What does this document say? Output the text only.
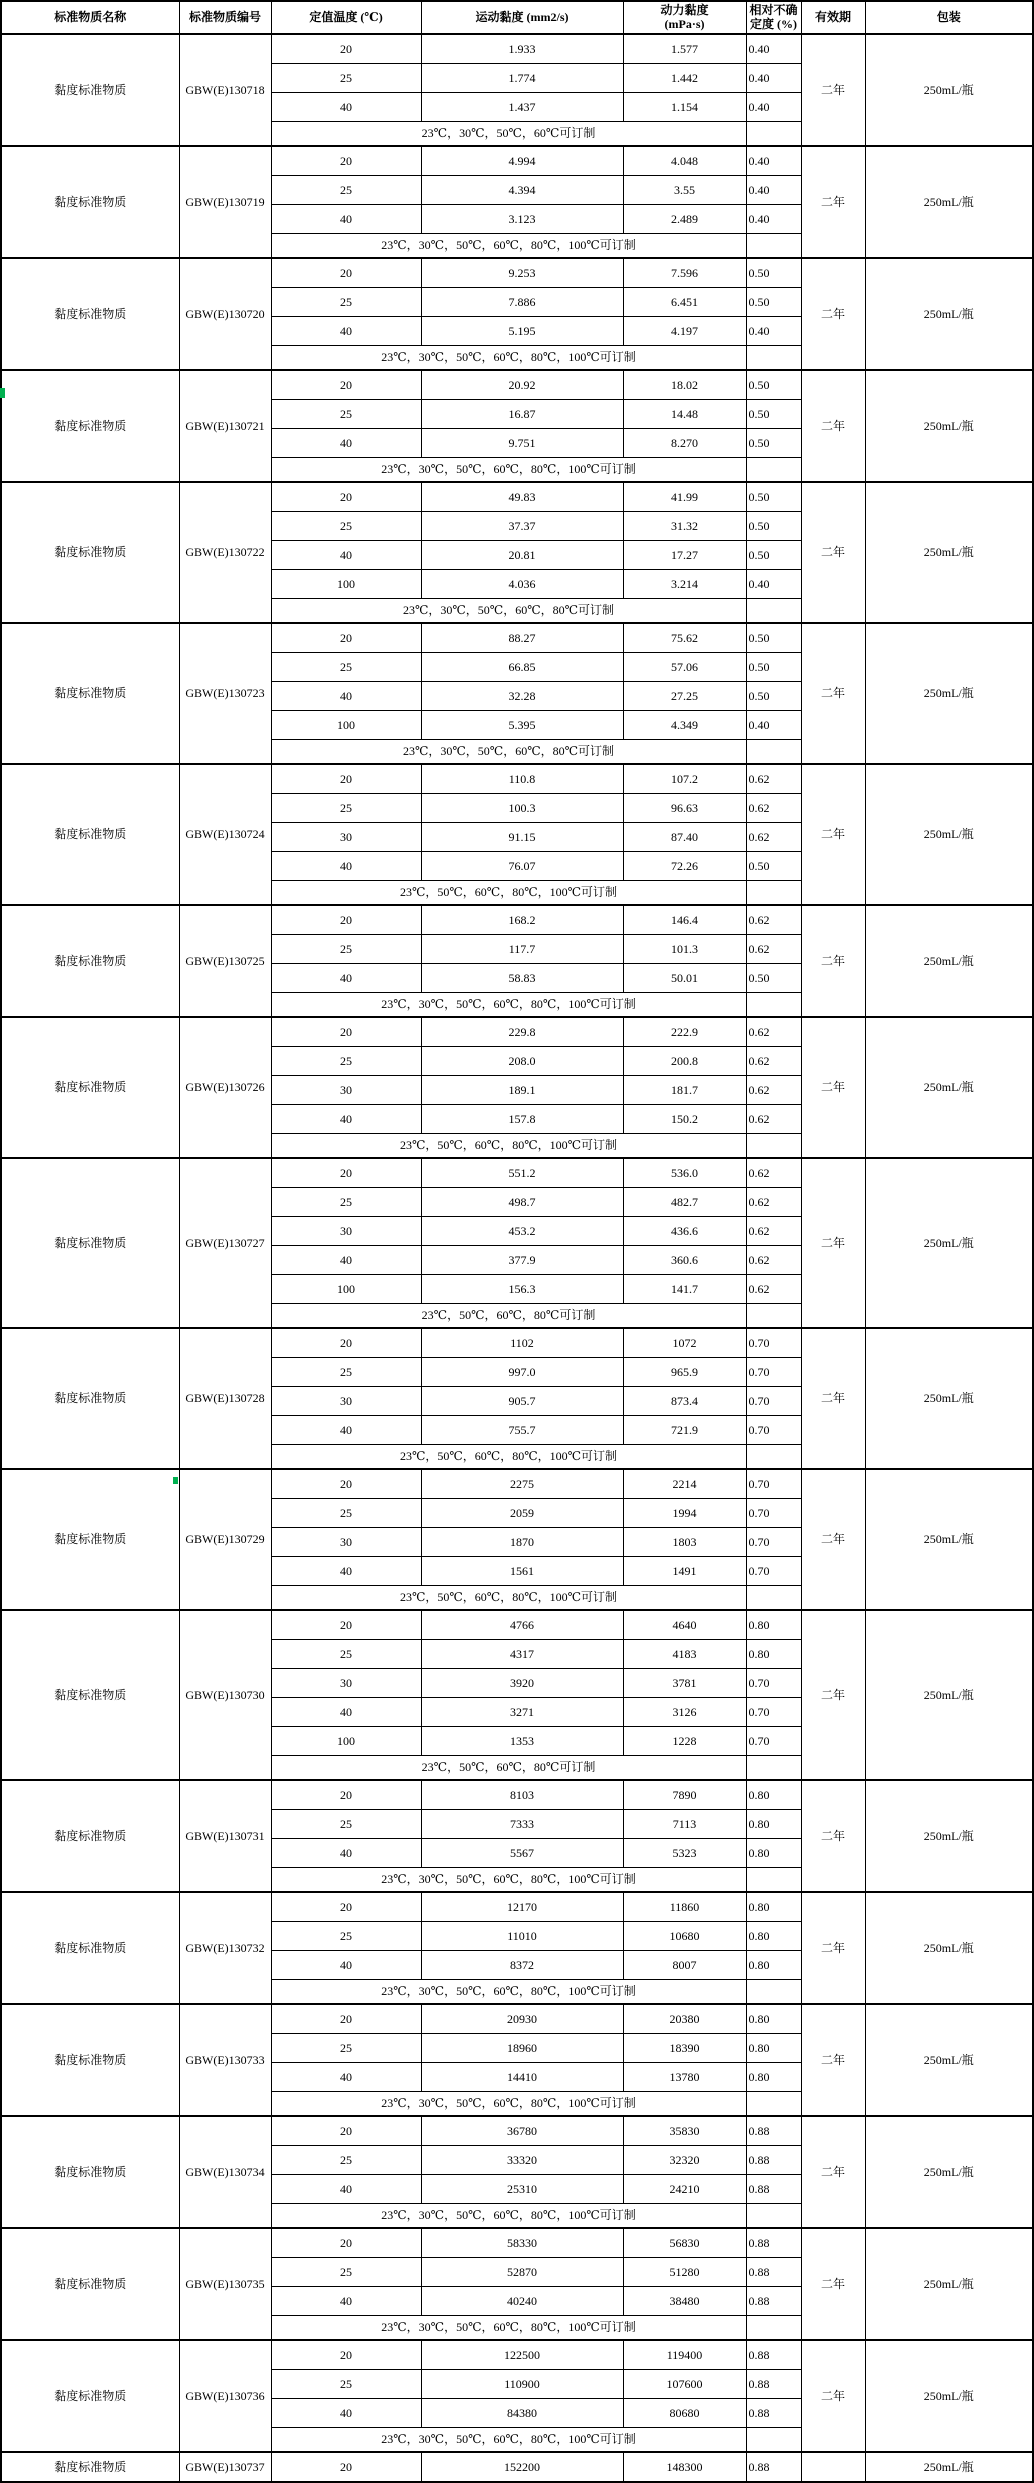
标准物质名称	标准物质编号	定值温度 (℃)	运动黏度 (mm2/s)	动力黏度 (mPa·s)	相对不确定度 (%)	有效期	包装
黏度标准物质	GBW(E)130718	20	1.933	1.577	0.40	二年	250mL/瓶
		25	1.774	1.442	0.40		
		40	1.437	1.154	0.40		
		23℃，30℃，50℃，60℃可订制					
黏度标准物质	GBW(E)130719	20	4.994	4.048	0.40	二年	250mL/瓶
		25	4.394	3.55	0.40		
		40	3.123	2.489	0.40		
		23℃，30℃，50℃，60℃，80℃，100℃可订制					
黏度标准物质	GBW(E)130720	20	9.253	7.596	0.50	二年	250mL/瓶
		25	7.886	6.451	0.50		
		40	5.195	4.197	0.40		
		23℃，30℃，50℃，60℃，80℃，100℃可订制					
黏度标准物质	GBW(E)130721	20	20.92	18.02	0.50	二年	250mL/瓶
		25	16.87	14.48	0.50		
		40	9.751	8.270	0.50		
		23℃，30℃，50℃，60℃，80℃，100℃可订制					
黏度标准物质	GBW(E)130722	20	49.83	41.99	0.50	二年	250mL/瓶
		25	37.37	31.32	0.50		
		40	20.81	17.27	0.50		
		100	4.036	3.214	0.40		
		23℃，30℃，50℃，60℃，80℃可订制					
黏度标准物质	GBW(E)130723	20	88.27	75.62	0.50	二年	250mL/瓶
		25	66.85	57.06	0.50		
		40	32.28	27.25	0.50		
		100	5.395	4.349	0.40		
		23℃，30℃，50℃，60℃，80℃可订制					
黏度标准物质	GBW(E)130724	20	110.8	107.2	0.62	二年	250mL/瓶
		25	100.3	96.63	0.62		
		30	91.15	87.40	0.62		
		40	76.07	72.26	0.50		
		23℃，50℃，60℃，80℃，100℃可订制					
黏度标准物质	GBW(E)130725	20	168.2	146.4	0.62	二年	250mL/瓶
		25	117.7	101.3	0.62		
		40	58.83	50.01	0.50		
		23℃，30℃，50℃，60℃，80℃，100℃可订制					
黏度标准物质	GBW(E)130726	20	229.8	222.9	0.62	二年	250mL/瓶
		25	208.0	200.8	0.62		
		30	189.1	181.7	0.62		
		40	157.8	150.2	0.62		
		23℃，50℃，60℃，80℃，100℃可订制					
黏度标准物质	GBW(E)130727	20	551.2	536.0	0.62	二年	250mL/瓶
		25	498.7	482.7	0.62		
		30	453.2	436.6	0.62		
		40	377.9	360.6	0.62		
		100	156.3	141.7	0.62		
		23℃，50℃，60℃，80℃可订制					
黏度标准物质	GBW(E)130728	20	1102	1072	0.70	二年	250mL/瓶
		25	997.0	965.9	0.70		
		30	905.7	873.4	0.70		
		40	755.7	721.9	0.70		
		23℃，50℃，60℃，80℃，100℃可订制					
黏度标准物质	GBW(E)130729	20	2275	2214	0.70	二年	250mL/瓶
		25	2059	1994	0.70		
		30	1870	1803	0.70		
		40	1561	1491	0.70		
		23℃，50℃，60℃，80℃，100℃可订制					
黏度标准物质	GBW(E)130730	20	4766	4640	0.80	二年	250mL/瓶
		25	4317	4183	0.80		
		30	3920	3781	0.70		
		40	3271	3126	0.70		
		100	1353	1228	0.70		
		23℃，50℃，60℃，80℃可订制					
黏度标准物质	GBW(E)130731	20	8103	7890	0.80	二年	250mL/瓶
		25	7333	7113	0.80		
		40	5567	5323	0.80		
		23℃，30℃，50℃，60℃，80℃，100℃可订制					
黏度标准物质	GBW(E)130732	20	12170	11860	0.80	二年	250mL/瓶
		25	11010	10680	0.80		
		40	8372	8007	0.80		
		23℃，30℃，50℃，60℃，80℃，100℃可订制					
黏度标准物质	GBW(E)130733	20	20930	20380	0.80	二年	250mL/瓶
		25	18960	18390	0.80		
		40	14410	13780	0.80		
		23℃，30℃，50℃，60℃，80℃，100℃可订制					
黏度标准物质	GBW(E)130734	20	36780	35830	0.88	二年	250mL/瓶
		25	33320	32320	0.88		
		40	25310	24210	0.88		
		23℃，30℃，50℃，60℃，80℃，100℃可订制					
黏度标准物质	GBW(E)130735	20	58330	56830	0.88	二年	250mL/瓶
		25	52870	51280	0.88		
		40	40240	38480	0.88		
		23℃，30℃，50℃，60℃，80℃，100℃可订制					
黏度标准物质	GBW(E)130736	20	122500	119400	0.88	二年	250mL/瓶
		25	110900	107600	0.88		
		40	84380	80680	0.88		
		23℃，30℃，50℃，60℃，80℃，100℃可订制					
黏度标准物质	GBW(E)130737	20	152200	148300	0.88		250mL/瓶
